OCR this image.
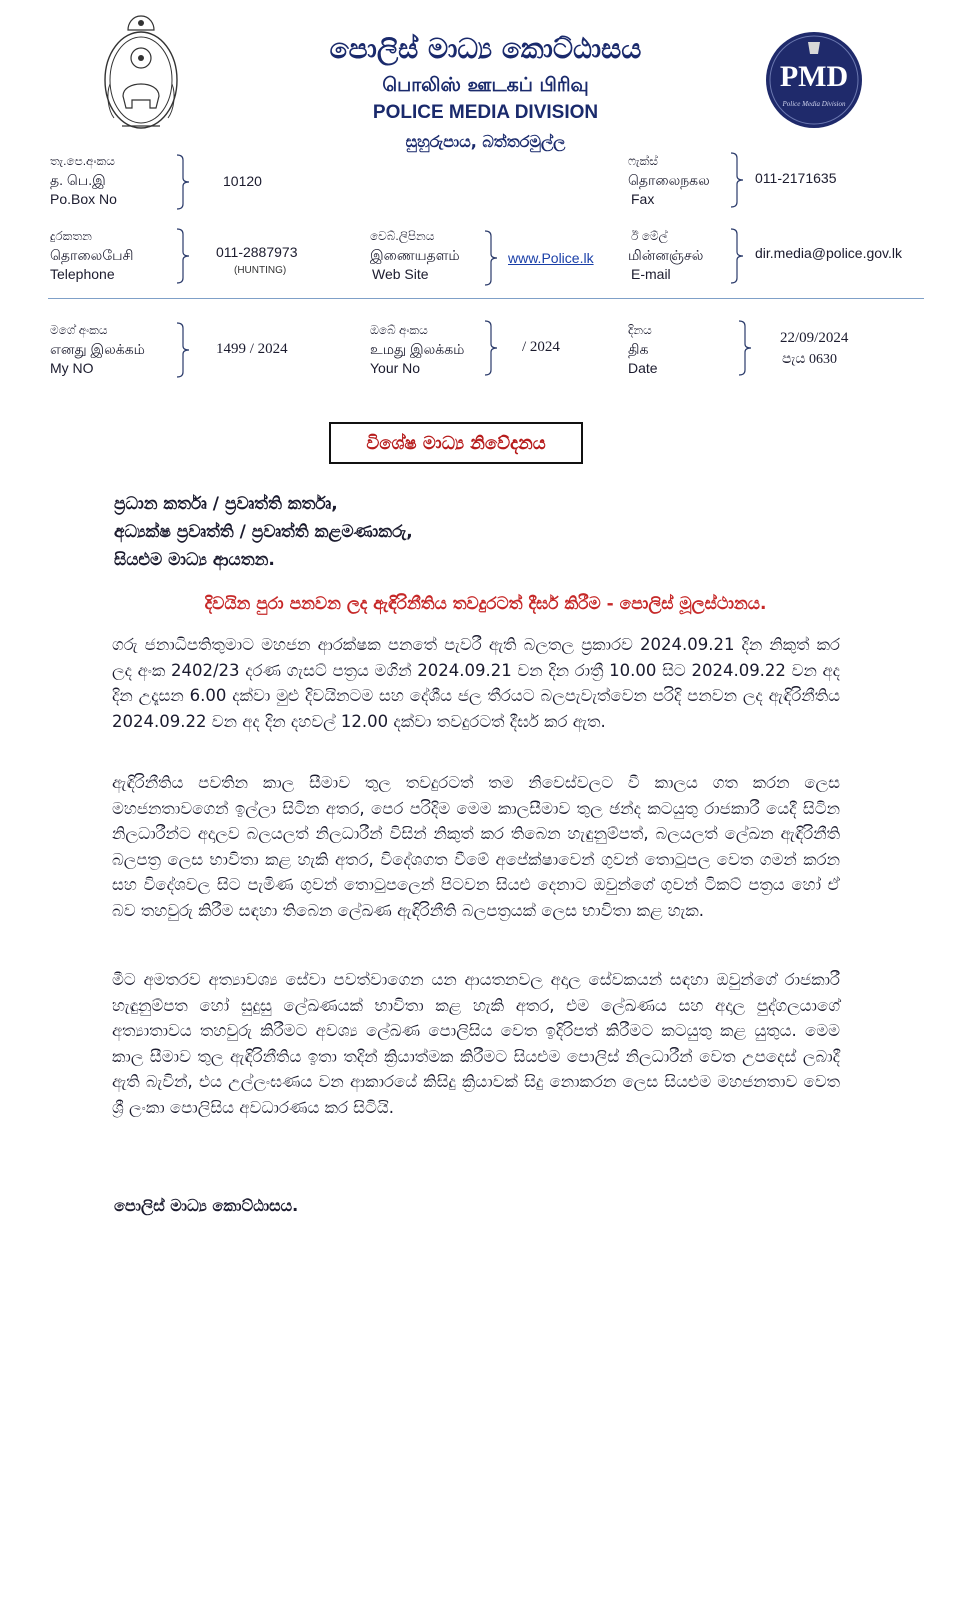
PMD
Police Media Division
පොලිස් මාධ්‍ය කොට්ඨාසය
பொலிஸ் ஊடகப் பிரிவு
POLICE MEDIA DIVISION
සුහුරුපාය, බත්තරමුල්ල
තැ.පෙ.අංකය
த. பெ.இ
Po.Box No
10120
ෆැක්ස්
தொலைநகல
Fax
011-2171635
දුරකතන
தொலைபேசி
Telephone
011-2887973
(HUNTING)
වෙබ්.ලිපිනය
இணையதளம்
Web Site
www.Police.lk
ඊ මේල්
மின்னஞ்சல்
E-mail
dir.media@police.gov.lk
මගේ අංකය
எனது இலக்கம்
My NO
1499 / 2024
ඔබේ අංකය
உமது இலக்கம்
Your No
/ 2024
දිනය
திக
Date
22/09/2024
පැය 0630
විශේෂ මාධ්‍ය නිවේදනය
ප්‍රධාන කර්තෘ / ප්‍රවෘත්ති කර්තෘ,
අධ්‍යක්ෂ ප්‍රවෘත්ති / ප්‍රවෘත්ති කළමණාකරු,
සියළුම මාධ්‍ය ආයතන.
දිවයින පුරා පනවන ලද ඇඳිරිනීතිය තවදුරටත් දීර්ඝ කිරීම - පොලිස් මූලස්ථානය.
ගරු ජනාධිපතිතුමාට මහජන ආරක්ෂක පනතේ පැවරී ඇති බලතල ප්‍රකාරව 2024.09.21 දින නිකුත් කර ලද අංක 2402/23 දරණ ගැසට් පත්‍රය මගින් 2024.09.21 වන දින රාත්‍රී 10.00 සිට 2024.09.22 වන අද දින උදෑසන 6.00 දක්වා මුළු දිවයිනටම සහ දේශීය ජල තීරයට බලපැවැත්වෙන පරිදි පනවන ලද ඇඳිරිනීතිය 2024.09.22 වන අද දින දහවල් 12.00 දක්වා තවදුරටත් දීර්ඝ කර ඇත.
ඇඳිරිනීතිය පවතින කාල සීමාව තුල තවදුරටත් තම නිවෙස්වලට වී කාලය ගත කරන ලෙස මහජනතාවගෙන් ඉල්ලා සිටින අතර, පෙර පරිදිම මෙම කාලසීමාව තුල ඡන්ද කටයුතු රාජකාරී යෙදී සිටින නිලධාරීන්ට අදාලව බලයලත් නිලධාරීන් විසින් නිකුත් කර තිබෙන හැඳුනුම්පත්, බලයලත් ලේඛන ඇඳිරිනීති බලපත්‍ර ලෙස භාවිතා කළ හැකි අතර, විදේශගත වීමේ අපේක්ෂාවෙන් ගුවන් තොටුපල වෙත ගමන් කරන සහ විදේශවල සිට පැමිණ ගුවන් තොටුපලෙන් පිටවන සියළු දෙනාට ඔවුන්ගේ ගුවන් ටිකට් පත්‍රය හෝ ඒ බව තහවුරු කිරීම සඳහා තිබෙන ලේඛණ ඇඳිරිනීති බලපත්‍රයක් ලෙස භාවිතා කළ හැක.
මීට අමතරව අත්‍යාවශ්‍ය සේවා පවත්වාගෙන යන ආයතනවල අදාල සේවකයන් සඳහා ඔවුන්ගේ රාජකාරී හැඳුනුම්පත හෝ සුදුසු ලේඛණයක් භාවිතා කළ හැකි අතර, එම ලේඛණය සහ අදාල පුද්ගලයාගේ අත්‍යාතාවය තහවුරු කිරීමට අවශ්‍ය ලේඛණ පොලිසිය වෙත ඉදිරිපත් කිරීමට කටයුතු කළ යුතුය. මෙම කාල සීමාව තුල ඇඳිරිනීතිය ඉතා තදින් ක්‍රියාත්මක කිරීමට සියළුම පොලිස් නිලධාරීන් වෙත උපදෙස් ලබාදී ඇති බැවින්, එය උල්ලංඝණය වන ආකාරයේ කිසිදු ක්‍රියාවක් සිදු නොකරන ලෙස සියළුම මහජනතාව වෙත ශ්‍රී ලංකා පොලිසිය අවධාරණය කර සිටියි.
පොලිස් මාධ්‍ය කොට්ඨාසය.
